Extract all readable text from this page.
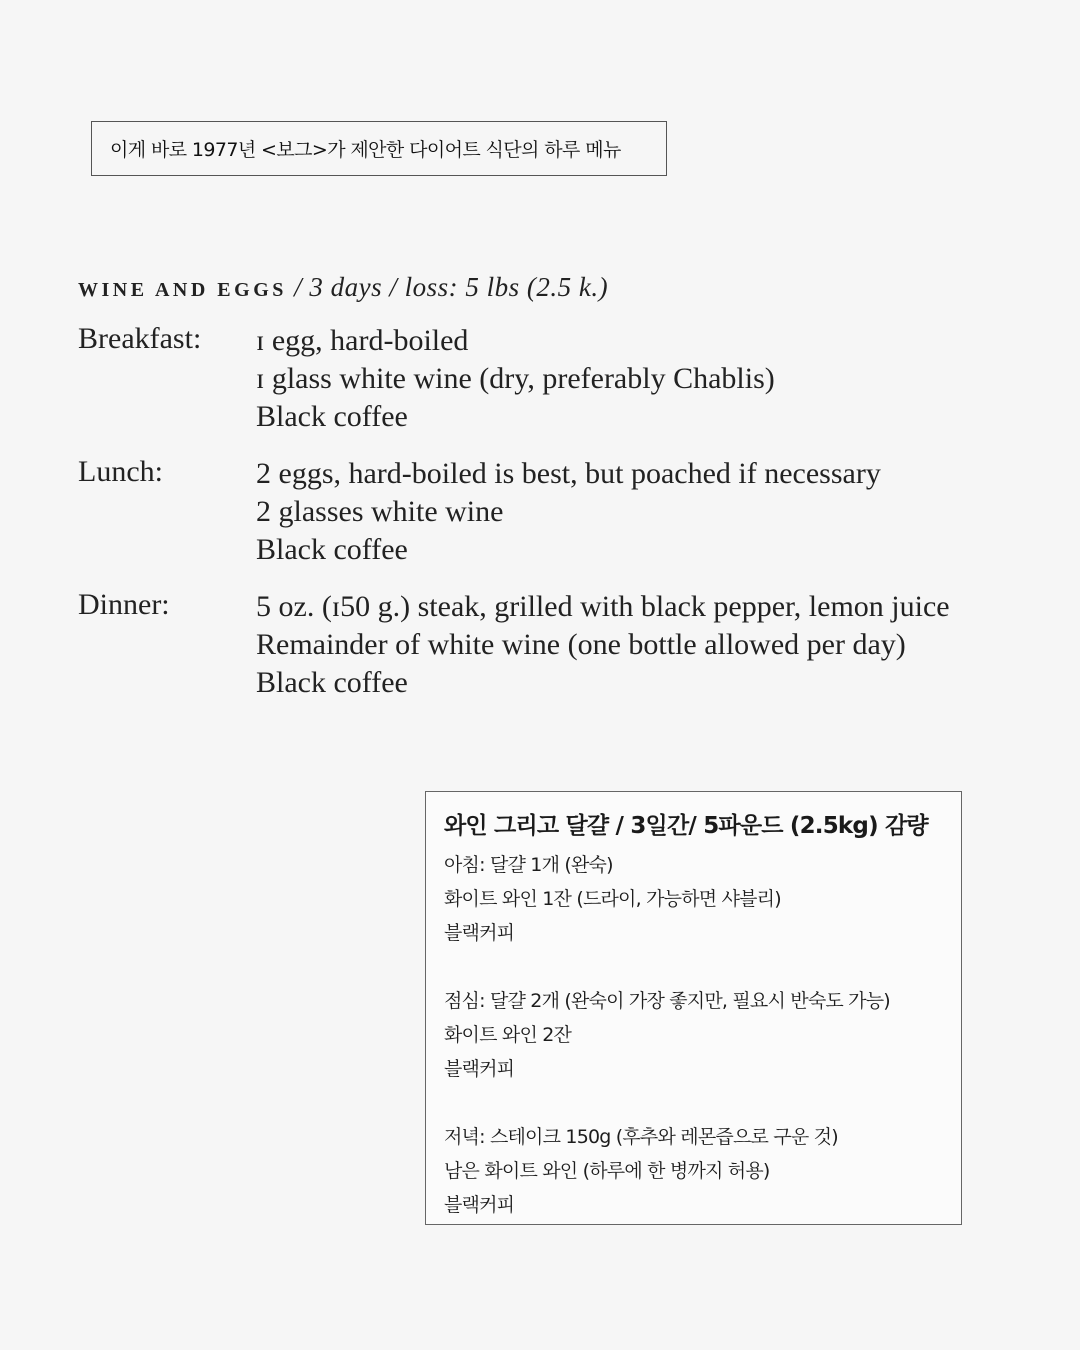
이게 바로 1977년 <보그>가 제안한 다이어트 식단의 하루 메뉴
WINE AND EGGS / 3 days / loss: 5 lbs (2.5 k.)
Breakfast: ɪ egg, hard-boiled
ɪ glass white wine (dry, preferably Chablis)
Black coffee
Lunch:	2 eggs, hard-boiled is best, but poached if necessary
2 glasses white wine
Black coffee
Dinner:	5 oz. (ɪ50 g.) steak, grilled with black pepper, lemon juice
Remainder of white wine (one bottle allowed per day)
Black coffee
와인 그리고 달걀 / 3일간/ 5파운드 (2.5kg) 감량
아침: 달걀 1개 (완숙)
화이트 와인 1잔 (드라이, 가능하면 샤블리)
블랙커피
점심: 달걀 2개 (완숙이 가장 좋지만, 필요시 반숙도 가능)
화이트 와인 2잔
블랙커피
저녁: 스테이크 150g (후추와 레몬즙으로 구운 것)
남은 화이트 와인 (하루에 한 병까지 허용)
블랙커피
